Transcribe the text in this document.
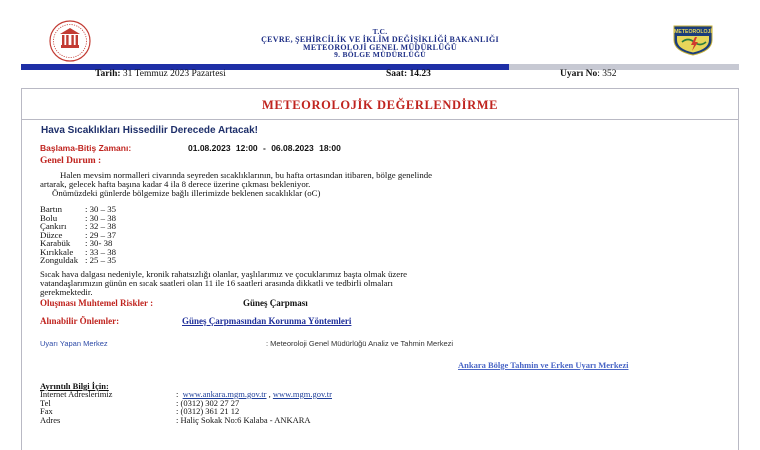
METEOROLOJİ
T.C.
ÇEVRE, ŞEHİRCİLİK VE İKLİM DEĞİŞİKLİĞİ BAKANLIĞI
METEOROLOJİ GENEL MÜDÜRLÜĞÜ
9. BÖLGE MÜDÜRLÜĞÜ
Tarih: 31 Temmuz 2023 Pazartesi	Saat: 14.23	Uyarı No: 352
METEOROLOJİK DEĞERLENDİRME
Hava Sıcaklıkları Hissedilir Derecede Artacak!
Başlama-Bitiş Zamanı:	01.08.2023 12:00 - 06.08.2023 18:00
Genel Durum :
Halen mevsim normalleri civarında seyreden sıcaklıklarının, bu hafta ortasından itibaren, bölge genelinde
artarak, gelecek hafta başına kadar 4 ila 8 derece üzerine çıkması bekleniyor.
Önümüzdeki günlerde bölgemize bağlı illerimizde beklenen sıcaklıklar (oC)
Bartın	: 30 – 35
Bolu	: 30 – 38
Çankırı : 32 – 38
Düzce	: 29 – 37
Karabük : 30- 38
Kırıkkale : 33 – 38
Zonguldak : 25 – 35
Sıcak hava dalgası nedeniyle, kronik rahatsızlığı olanlar, yaşlılarımız ve çocuklarımız başta olmak üzere
vatandaşlarımızın günün en sıcak saatleri olan 11 ile 16 saatleri arasında dikkatli ve tedbirli olmaları
gerekmektedir.
Oluşması Muhtemel Riskler :	Güneş Çarpması
Alınabilir Önlemler:	Güneş Çarpmasından Korunma Yöntemleri
Uyarı Yapan Merkez	: Meteoroloji Genel Müdürlüğü Analiz ve Tahmin Merkezi
Ankara Bölge Tahmin ve Erken Uyarı Merkezi
Ayrıntılı Bilgi İçin:
İnternet Adreslerimiz	: www.ankara.mgm.gov.tr , www.mgm.gov.tr
Tel	: (0312) 302 27 27
Fax	: (0312) 361 21 12
Adres	: Haliç Sokak No:6 Kalaba - ANKARA
